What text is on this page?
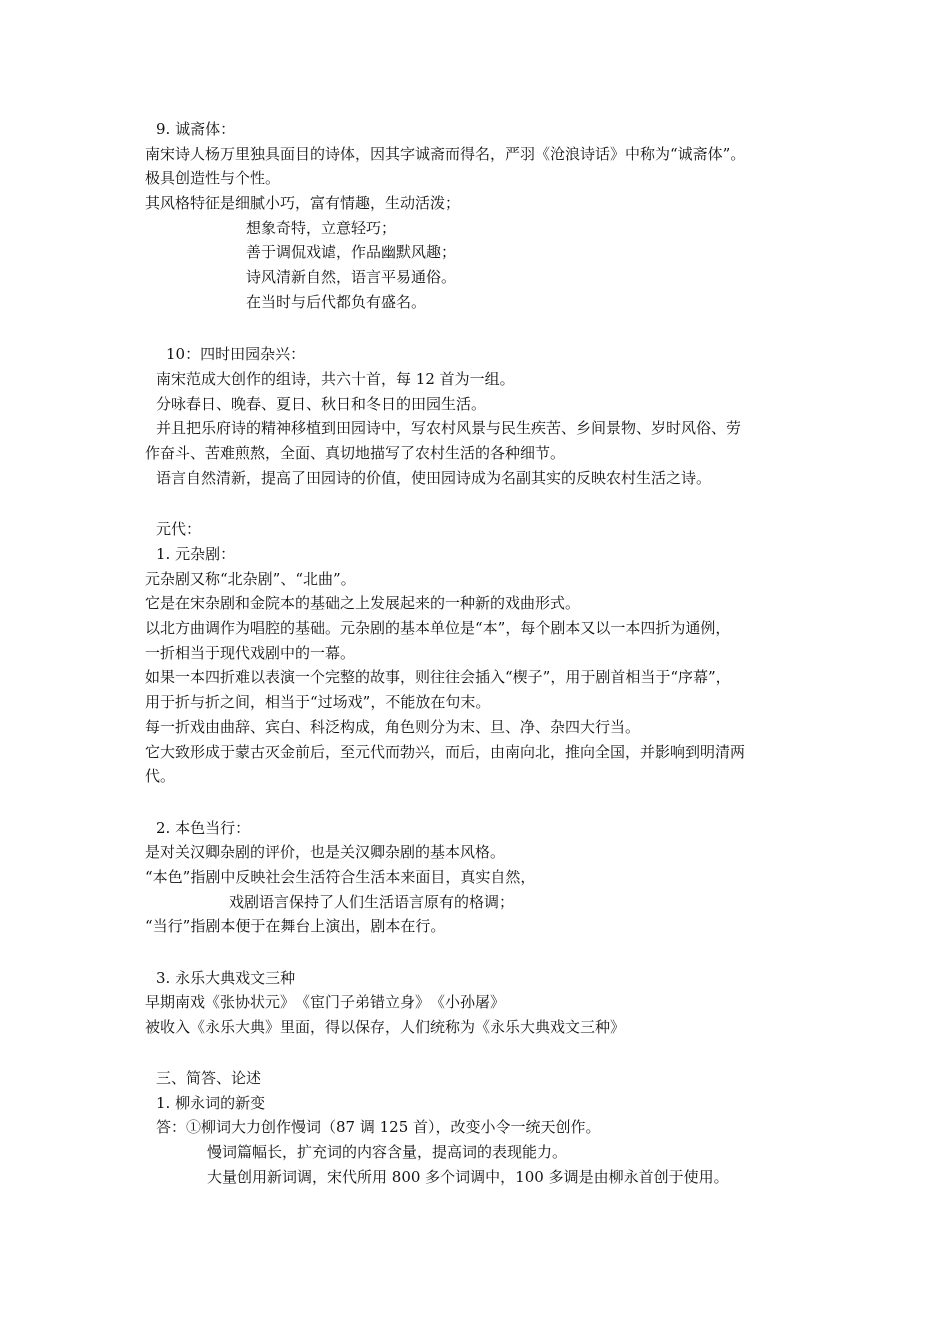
9. 诚斋体：
南宋诗人杨万里独具面目的诗体，因其字诚斋而得名，严羽《沧浪诗话》中称为“诚斋体”。
极具创造性与个性。
其风格特征是细腻小巧，富有情趣，生动活泼；
想象奇特，立意轻巧；
善于调侃戏谑，作品幽默风趣；
诗风清新自然，语言平易通俗。
在当时与后代都负有盛名。
10：四时田园杂兴：
南宋范成大创作的组诗，共六十首，每 12 首为一组。
分咏春日、晚春、夏日、秋日和冬日的田园生活。
并且把乐府诗的精神移植到田园诗中，写农村风景与民生疾苦、乡间景物、岁时风俗、劳
作奋斗、苦难煎熬，全面、真切地描写了农村生活的各种细节。
语言自然清新，提高了田园诗的价值，使田园诗成为名副其实的反映农村生活之诗。
元代：
1. 元杂剧：
元杂剧又称“北杂剧”、“北曲”。
它是在宋杂剧和金院本的基础之上发展起来的一种新的戏曲形式。
以北方曲调作为唱腔的基础。元杂剧的基本单位是“本”，每个剧本又以一本四折为通例，
一折相当于现代戏剧中的一幕。
如果一本四折难以表演一个完整的故事，则往往会插入“楔子”，用于剧首相当于“序幕”，
用于折与折之间，相当于“过场戏”，不能放在句末。
每一折戏由曲辞、宾白、科泛构成，角色则分为末、旦、净、杂四大行当。
它大致形成于蒙古灭金前后，至元代而勃兴，而后，由南向北，推向全国，并影响到明清两
代。
2. 本色当行：
是对关汉卿杂剧的评价，也是关汉卿杂剧的基本风格。
“本色”指剧中反映社会生活符合生活本来面目，真实自然，
戏剧语言保持了人们生活语言原有的格调；
“当行”指剧本便于在舞台上演出，剧本在行。
3. 永乐大典戏文三种
早期南戏《张协状元》　《宦门子弟错立身》　《小孙屠》
被收入《永乐大典》里面，得以保存，人们统称为《永乐大典戏文三种》
三、简答、论述
1. 柳永词的新变
答：①柳词大力创作慢词（87 调 125 首），改变小令一统天创作。
慢词篇幅长，扩充词的内容含量，提高词的表现能力。
大量创用新词调，宋代所用 800 多个词调中，100 多调是由柳永首创于使用。
